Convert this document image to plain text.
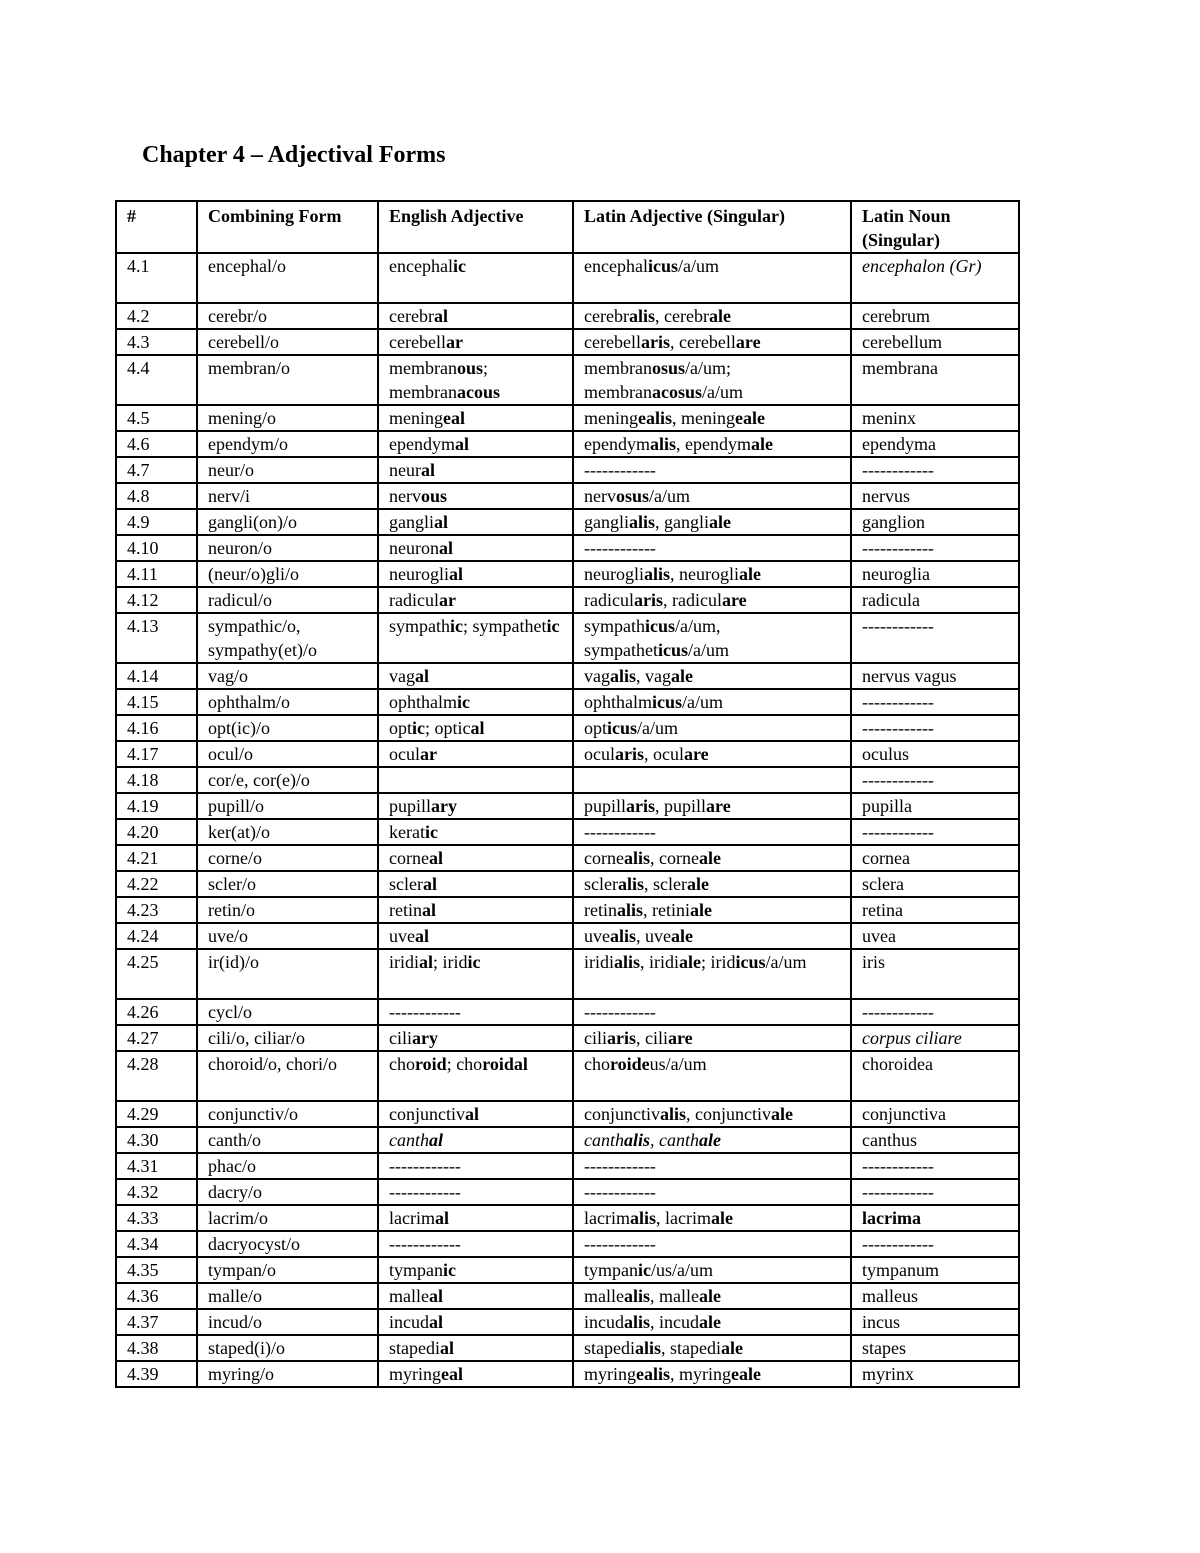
Chapter 4 – Adjectival Forms
#	Combining Form	English Adjective	Latin Adjective (Singular)	Latin Noun (Singular)
4.1	encephal/o	encephalic	encephalicus/a/um	encephalon (Gr)
4.2	cerebr/o	cerebral	cerebralis, cerebrale	cerebrum
4.3	cerebell/o	cerebellar	cerebellaris, cerebellare	cerebellum
4.4	membran/o	membranous; membranacous	membranosus/a/um; membranacosus/a/um	membrana
4.5	mening/o	meningeal	meningealis, meningeale	meninx
4.6	ependym/o	ependymal	ependymalis, ependymale	ependyma
4.7	neur/o	neural	------------	------------
4.8	nerv/i	nervous	nervosus/a/um	nervus
4.9	gangli(on)/o	ganglial	ganglialis, gangliale	ganglion
4.10	neuron/o	neuronal	------------	------------
4.11	(neur/o)gli/o	neuroglial	neuroglialis, neurogliale	neuroglia
4.12	radicul/o	radicular	radicularis, radiculare	radicula
4.13	sympathic/o, sympathy(et)/o	sympathic; sympathetic	sympathicus/a/um, sympatheticus/a/um	------------
4.14	vag/o	vagal	vagalis, vagale	nervus vagus
4.15	ophthalm/o	ophthalmic	ophthalmicus/a/um	------------
4.16	opt(ic)/o	optic; optical	opticus/a/um	------------
4.17	ocul/o	ocular	ocularis, oculare	oculus
4.18	cor/e, cor(e)/o			------------
4.19	pupill/o	pupillary	pupillaris, pupillare	pupilla
4.20	ker(at)/o	keratic	------------	------------
4.21	corne/o	corneal	cornealis, corneale	cornea
4.22	scler/o	scleral	scleralis, sclerale	sclera
4.23	retin/o	retinal	retinalis, retiniale	retina
4.24	uve/o	uveal	uvealis, uveale	uvea
4.25	ir(id)/o	iridial; iridic	iridialis, iridiale; iridicus/a/um	iris
4.26	cycl/o	------------	------------	------------
4.27	cili/o, ciliar/o	ciliary	ciliaris, ciliare	corpus ciliare
4.28	choroid/o, chori/o	choroid; choroidal	choroideus/a/um	choroidea
4.29	conjunctiv/o	conjunctival	conjunctivalis, conjunctivale	conjunctiva
4.30	canth/o	canthal	canthalis, canthale	canthus
4.31	phac/o	------------	------------	------------
4.32	dacry/o	------------	------------	------------
4.33	lacrim/o	lacrimal	lacrimalis, lacrimale	lacrima
4.34	dacryocyst/o	------------	------------	------------
4.35	tympan/o	tympanic	tympanic/us/a/um	tympanum
4.36	malle/o	malleal	mallealis, malleale	malleus
4.37	incud/o	incudal	incudalis, incudale	incus
4.38	staped(i)/o	stapedial	stapedialis, stapediale	stapes
4.39	myring/o	myringeal	myringealis, myringeale	myrinx
